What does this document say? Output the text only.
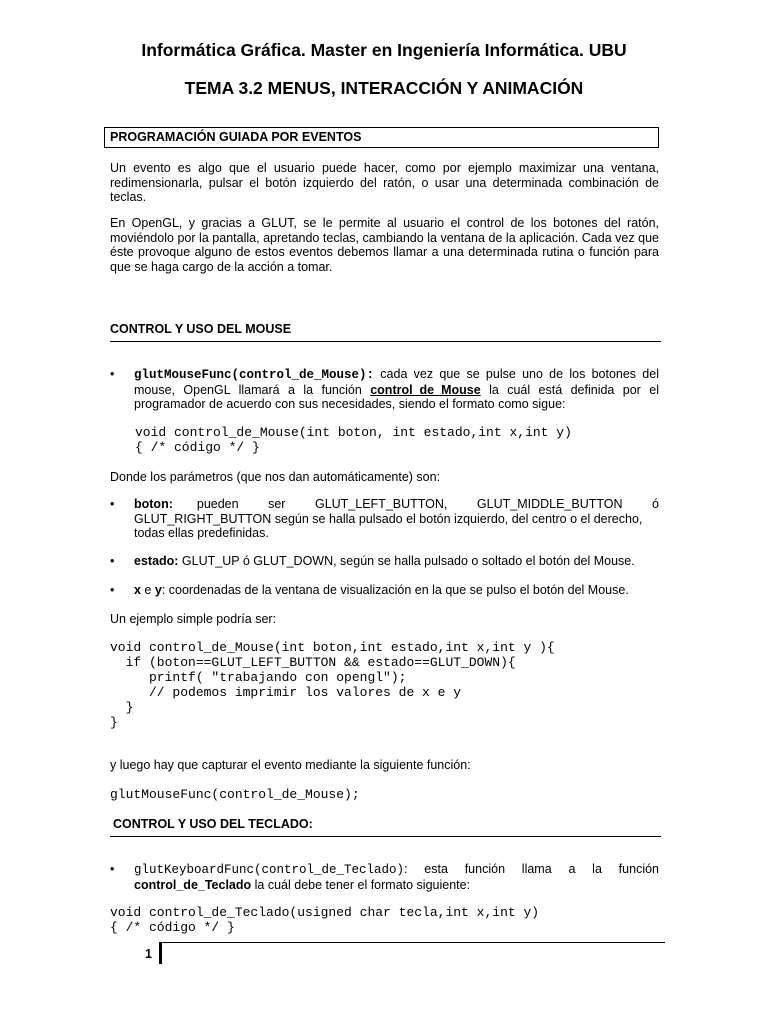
Informática Gráfica. Master en Ingeniería Informática. UBU
TEMA 3.2 MENUS, INTERACCIÓN Y ANIMACIÓN
PROGRAMACIÓN GUIADA POR EVENTOS

Un evento es algo que el usuario puede hacer, como por ejemplo maximizar una ventana, redimensionarla, pulsar el botón izquierdo del ratón, o usar una determinada combinación de teclas.

En OpenGL, y gracias a GLUT, se le permite al usuario el control de los botones del ratón, moviéndolo por la pantalla, apretando teclas, cambiando la ventana de la aplicación. Cada vez que éste provoque alguno de estos eventos debemos llamar a una determinada rutina o función para que se haga cargo de la acción a tomar.

CONTROL Y USO DEL MOUSE
• glutMouseFunc(control_de_Mouse): cada vez que se pulse uno de los botones del mouse, OpenGL llamará a la función control_de_Mouse la cuál está definida por el programador de acuerdo con sus necesidades, siendo el formato como sigue:

void control_de_Mouse(int boton, int estado,int x,int y)
{ /* código */ }

Donde los parámetros (que nos dan automáticamente) son:

• boton: pueden ser GLUT_LEFT_BUTTON, GLUT_MIDDLE_BUTTON ó
GLUT_RIGHT_BUTTON según se halla pulsado el botón izquierdo, del centro o el derecho, todas ellas predefinidas.
• estado: GLUT_UP ó GLUT_DOWN, según se halla pulsado o soltado el botón del Mouse.

• x e y: coordenadas de la ventana de visualización en la que se pulso el botón del Mouse.

Un ejemplo simple podría ser:

void control_de_Mouse(int boton,int estado,int x,int y ){
if (boton==GLUT_LEFT_BUTTON && estado==GLUT_DOWN){
printf( "trabajando con opengl");
// podemos imprimir los valores de x e y
}
}

y luego hay que capturar el evento mediante la siguiente función:

glutMouseFunc(control_de_Mouse);
CONTROL Y USO DEL TECLADO:
• glutKeyboardFunc(control_de_Teclado): esta función llama a la función control_de_Teclado la cuál debe tener el formato siguiente:

void control_de_Teclado(usigned char tecla,int x,int y)
{ /* código */ }
1
